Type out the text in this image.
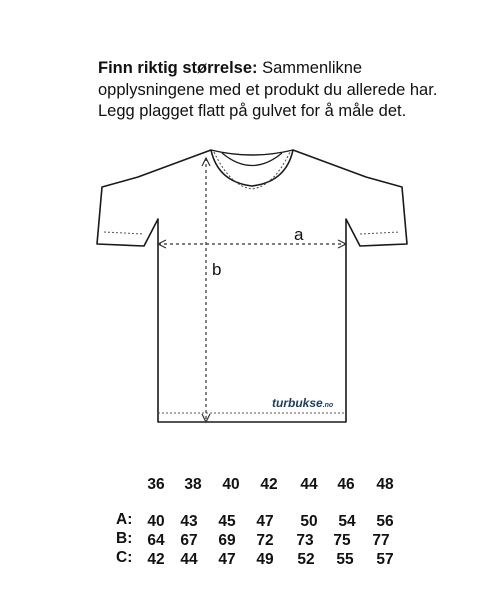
Finn riktig størrelse: Sammenlikne
opplysningene med et produkt du allerede har.
Legg plagget flatt på gulvet for å måle det.
a
b
turbukse.no
36	38	40	42	44	46	48
A: 40	43	45	47	50	54	56
B: 64	67	69	72	73	75	77
C: 42	44	47	49	52	55	57
